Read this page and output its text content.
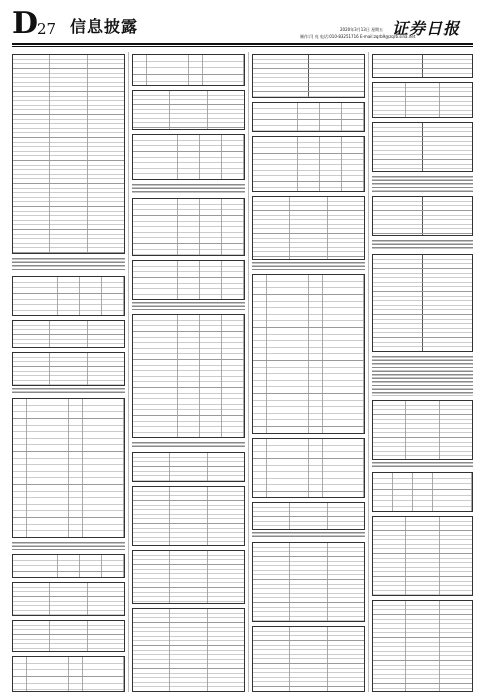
D 27 信息披露	2020年3月13日 星期五
制作:闫 亮 电话:010-83251716 E-mail:zqrb9@zqrb.sina.net
证券日报
